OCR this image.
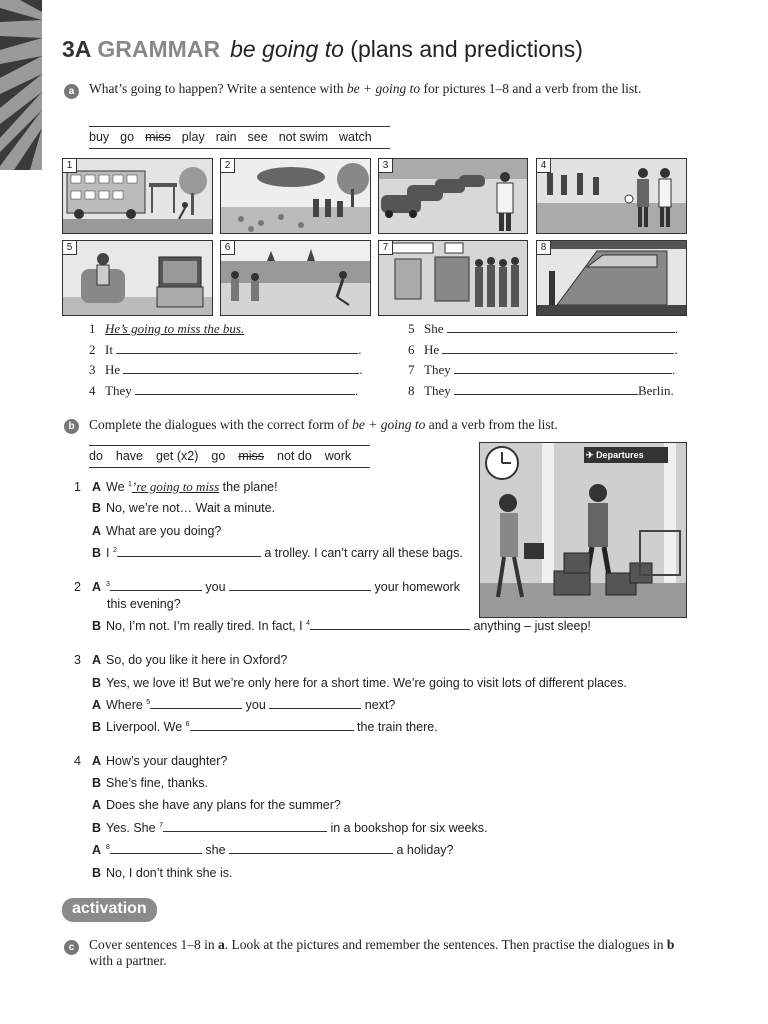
3A GRAMMAR be going to (plans and predictions)
a	What’s going to happen? Write a sentence with be + going to for pictures 1–8 and a verb from the list.
buy go miss play rain see not swim watch
1	2	3	4
5	6	7	8
1 He’s going to miss the bus.
2 It	.
3 He	.
4 They	.
5 She	.
6 He	.
7 They	.
8 They	Berlin.
b	Complete the dialogues with the correct form of be + going to and a verb from the list.
do have get (x2) go miss not do work	✈ Departures
1 A We $^1$’re going to miss the plane!
B No, we’re not… Wait a minute.
A What are you doing?
B I $^2$	a trolley. I can’t carry all these bags.
2 A $^3$	you	your homework
this evening?
B No, I’m not. I’m really tired. In fact, I $^4$	anything – just sleep!
3 A So, do you like it here in Oxford?
B Yes, we love it! But we’re only here for a short time. We’re going to visit lots of different places.
A Where $^5$	you	next?
B Liverpool. We $^6$	the train there.
4 A How’s your daughter?
B She’s fine, thanks.
A Does she have any plans for the summer?
B Yes. She $^7$	in a bookshop for six weeks.
A $^8$	she	a holiday?
B No, I don’t think she is.
activation
c	Cover sentences 1–8 in a. Look at the pictures and remember the sentences. Then practise the dialogues in b with a partner.
